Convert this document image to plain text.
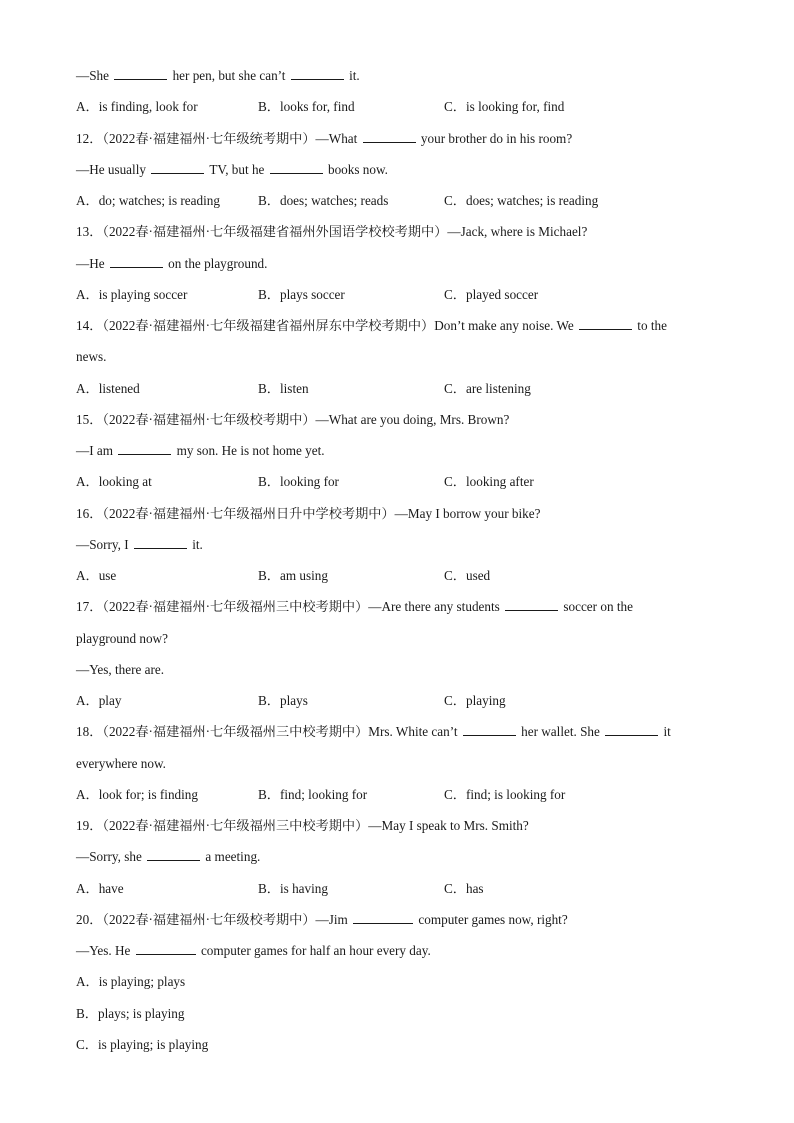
—She	her pen, but she can’t	it.
A．is finding, look for	B．looks for, find	C．is looking for, find
12．（2022春·福建福州·七年级统考期中）—What	your brother do in his room?
—He usually	TV, but he	books now.
A．do; watches; is reading	B．does; watches; reads	C．does; watches; is reading
13．（2022春·福建福州·七年级福建省福州外国语学校校考期中）—Jack, where is Michael?
—He	on the playground.
A．is playing soccer	B．plays soccer	C．played soccer
14．（2022春·福建福州·七年级福建省福州屏东中学校考期中）Don’t make any noise. We	to the
news.
A．listened	B．listen	C．are listening
15．（2022春·福建福州·七年级校考期中）—What are you doing, Mrs. Brown?
—I am	my son. He is not home yet.
A．looking at	B．looking for	C．looking after
16．（2022春·福建福州·七年级福州日升中学校考期中）—May I borrow your bike?
—Sorry, I	it.
A．use	B．am using	C．used
17．（2022春·福建福州·七年级福州三中校考期中）—Are there any students	soccer on the
playground now?
—Yes, there are.
A．play	B．plays	C．playing
18．（2022春·福建福州·七年级福州三中校考期中）Mrs. White can’t	her wallet. She	it
everywhere now.
A．look for; is finding	B．find; looking for	C．find; is looking for
19．（2022春·福建福州·七年级福州三中校考期中）—May I speak to Mrs. Smith?
—Sorry, she	a meeting.
A．have	B．is having	C．has
20．（2022春·福建福州·七年级校考期中）—Jim	computer games now, right?
—Yes. He	computer games for half an hour every day.
A．is playing; plays
B．plays; is playing
C．is playing; is playing
